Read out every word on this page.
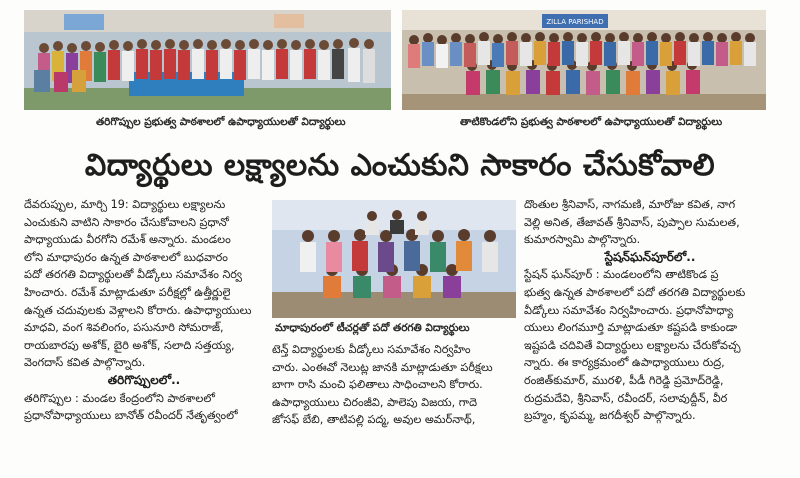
తరిగొప్పుల ప్రభుత్వ పాఠశాలలో ఉపాధ్యాయులతో విద్యార్థులు
ZILLA PARISHAD
తాటికొండలోని ప్రభుత్వ పాఠశాలలో ఉపాధ్యాయులతో విద్యార్థులు
విద్యార్థులు లక్ష్యాలను ఎంచుకుని సాకారం చేసుకోవాలి

దేవరుప్పుల, మార్చి 19: విద్యార్థులు లక్ష్యాలను

ఎంచుకుని వాటిని సాకారం చేసుకోవాలని ప్రధానో

పాధ్యాయుడు వీరగోని రమేశ్ అన్నారు. మండలం

లోని మాధాపురం ఉన్నత పాఠశాలలో బుధవారం

పదో తరగతి విద్యార్థులతో వీడ్కోలు సమావేశం నిర్వ

హించారు. రమేశ్ మాట్లాడుతూ పరీక్షల్లో ఉత్తీర్ణులై

ఉన్నత చదువులకు వెళ్లాలని కోరారు. ఉపాధ్యాయులు

మాధవి, వంగ శివలింగం, పసునూరి సోమరాజ్,

రాయబారపు అశోక్, బైరి అశోక్, సలాది సత్తయ్య,

వెంగదాస్ కవిత పాల్గొన్నారు.

తరిగొప్పులలో..

తరిగొప్పుల : మండల కేంద్రంలోని పాఠశాలలో

ప్రధానోపాధ్యాయులు బానోత్ రవీందర్ నేతృత్వంలో

మాధాపురంలో టీచర్లతో పదో తరగతి విద్యార్థులు

టెన్త్ విద్యార్థులకు వీడ్కోలు సమావేశం నిర్వహిం

చారు. ఎంఈవో నెలుట్ల జానకి మాట్లాడుతూ పరీక్షలు

బాగా రాసి మంచి ఫలితాలు సాధించాలని కోరారు.

ఉపాధ్యాయులు చిరంజీవి, పాలెపు విజయ, గాదె

జోసఫ్ బేబి, తాటిపల్లి పద్మ, అవుల అమర్‌నాథ్,

దొంతుల శ్రీనివాస్, నాగమణి, మారోజు కవిత, నాగ

వెల్లి అనిత, తేజావత్ శ్రీనివాస్, పుప్పాల సుమలత,

కుమారస్వామి పాల్గొన్నారు.

స్టేషన్‌ఘన్‌పూర్‌లో..

స్టేషన్ ఘన్‌పూర్ : మండలంలోని తాటికొండ ప్ర

భుత్వ ఉన్నత పాఠశాలలో పదో తరగతి విద్యార్థులకు

వీడ్కోలు సమావేశం నిర్వహించారు. ప్రధానోపాధ్యా

యులు లింగమూర్తి మాట్లాడుతూ కష్టపడి కాకుండా

ఇష్టపడి చదివితే విద్యార్థులు లక్ష్యాలను చేరుకోవచ్చ

న్నారు. ఈ కార్యక్రమంలో ఉపాధ్యాయులు రుద్ర,

రంజిత్‌కుమార్, మురళి, పీడీ గిరెడ్డి ప్రమోద్‌రెడ్డి,

రుద్రమదేవి, శ్రీనివాస్, రవీందర్, సలావుద్దీన్, వీర

బ్రహ్మం, కృపమ్మ, జగదీశ్వర్ పాల్గొన్నారు.
